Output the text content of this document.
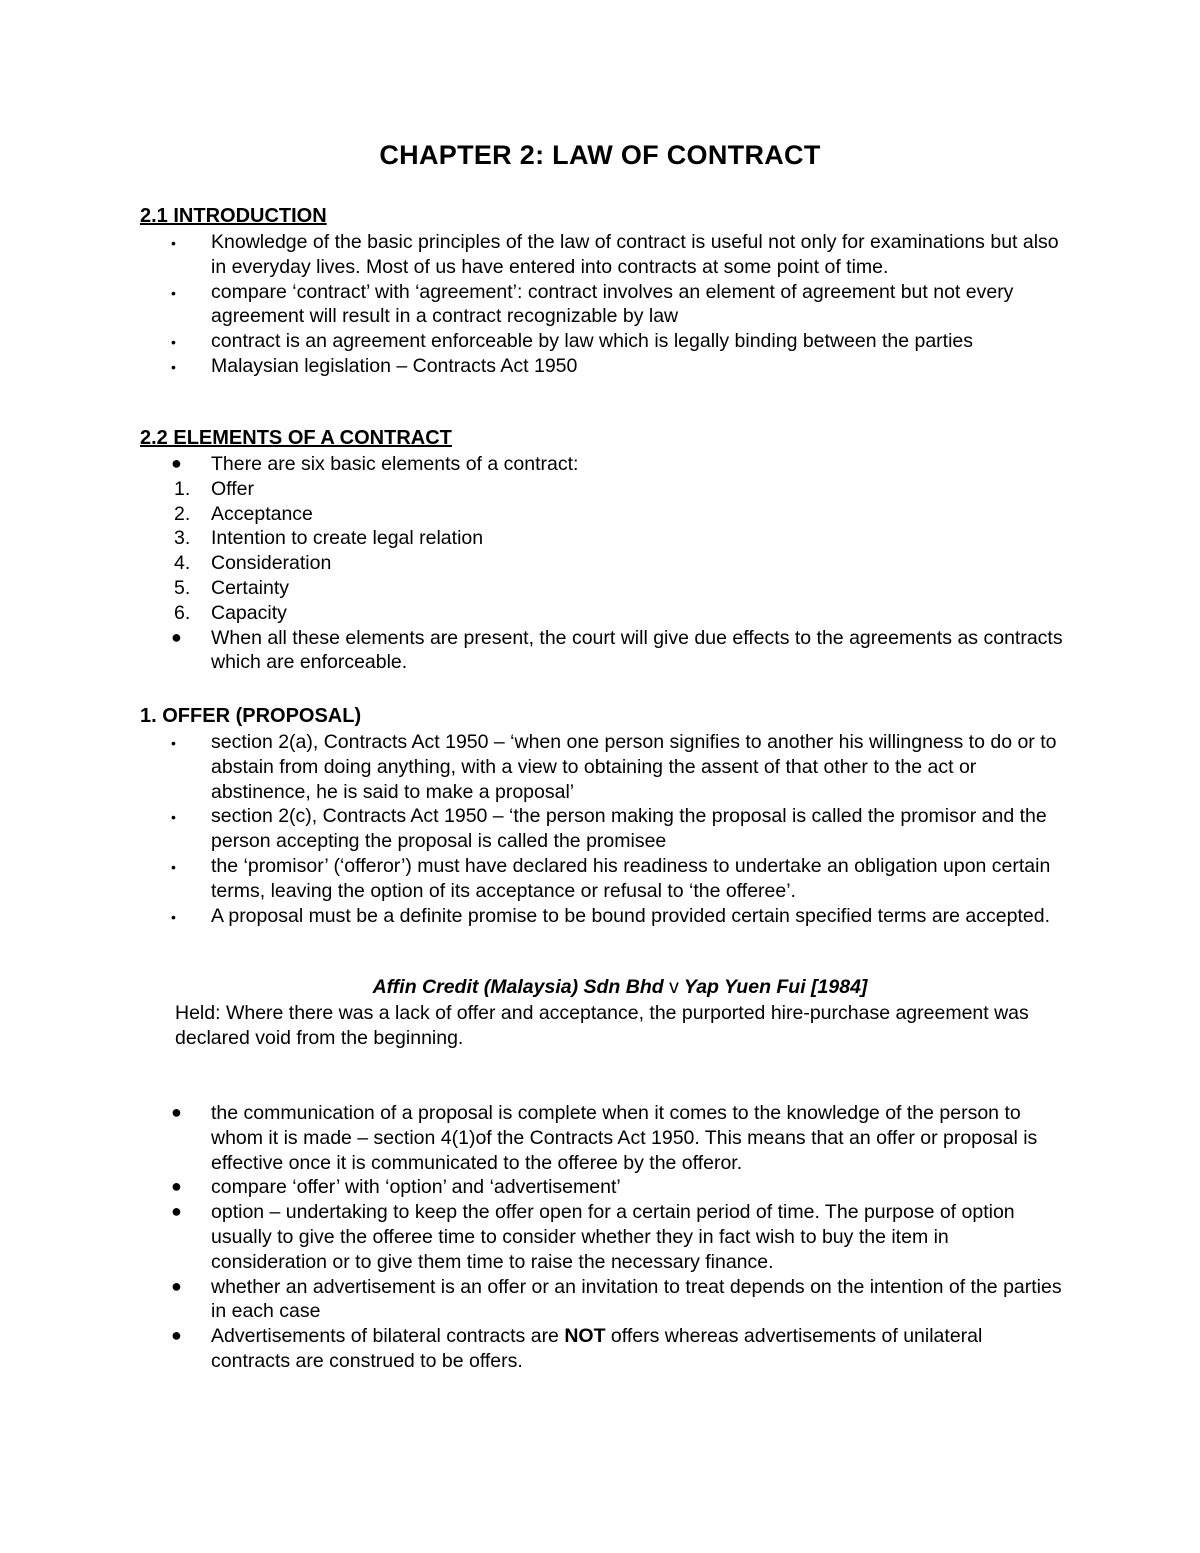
CHAPTER 2: LAW OF CONTRACT
2.1 INTRODUCTION
•	Knowledge of the basic principles of the law of contract is useful not only for examinations but also in everyday lives. Most of us have entered into contracts at some point of time.
•	compare ‘contract’ with ‘agreement’: contract involves an element of agreement but not every agreement will result in a contract recognizable by law
•	contract is an agreement enforceable by law which is legally binding between the parties
•	Malaysian legislation – Contracts Act 1950
2.2 ELEMENTS OF A CONTRACT
●	There are six basic elements of a contract:
1.	Offer
2.	Acceptance
3.	Intention to create legal relation
4.	Consideration
5.	Certainty
6.	Capacity
●	When all these elements are present, the court will give due effects to the agreements as contracts which are enforceable.
1. OFFER (PROPOSAL)
•	section 2(a), Contracts Act 1950 – ‘when one person signifies to another his willingness to do or to abstain from doing anything, with a view to obtaining the assent of that other to the act or abstinence, he is said to make a proposal’
•	section 2(c), Contracts Act 1950 – ‘the person making the proposal is called the promisor and the person accepting the proposal is called the promisee
•	the ‘promisor’ (‘offeror’) must have declared his readiness to undertake an obligation upon certain terms, leaving the option of its acceptance or refusal to ‘the offeree’.
•	A proposal must be a definite promise to be bound provided certain specified terms are accepted.

Affin Credit (Malaysia) Sdn Bhd v Yap Yuen Fui [1984]

Held: Where there was a lack of offer and acceptance, the purported hire-purchase agreement was declared void from the beginning.

●	the communication of a proposal is complete when it comes to the knowledge of the person to whom it is made – section 4(1)of the Contracts Act 1950. This means that an offer or proposal is effective once it is communicated to the offeree by the offeror.
●	compare ‘offer’ with ‘option’ and ‘advertisement’
●	option – undertaking to keep the offer open for a certain period of time. The purpose of option usually to give the offeree time to consider whether they in fact wish to buy the item in consideration or to give them time to raise the necessary finance.
●	whether an advertisement is an offer or an invitation to treat depends on the intention of the parties in each case
●	Advertisements of bilateral contracts are NOT offers whereas advertisements of unilateral contracts are construed to be offers.
